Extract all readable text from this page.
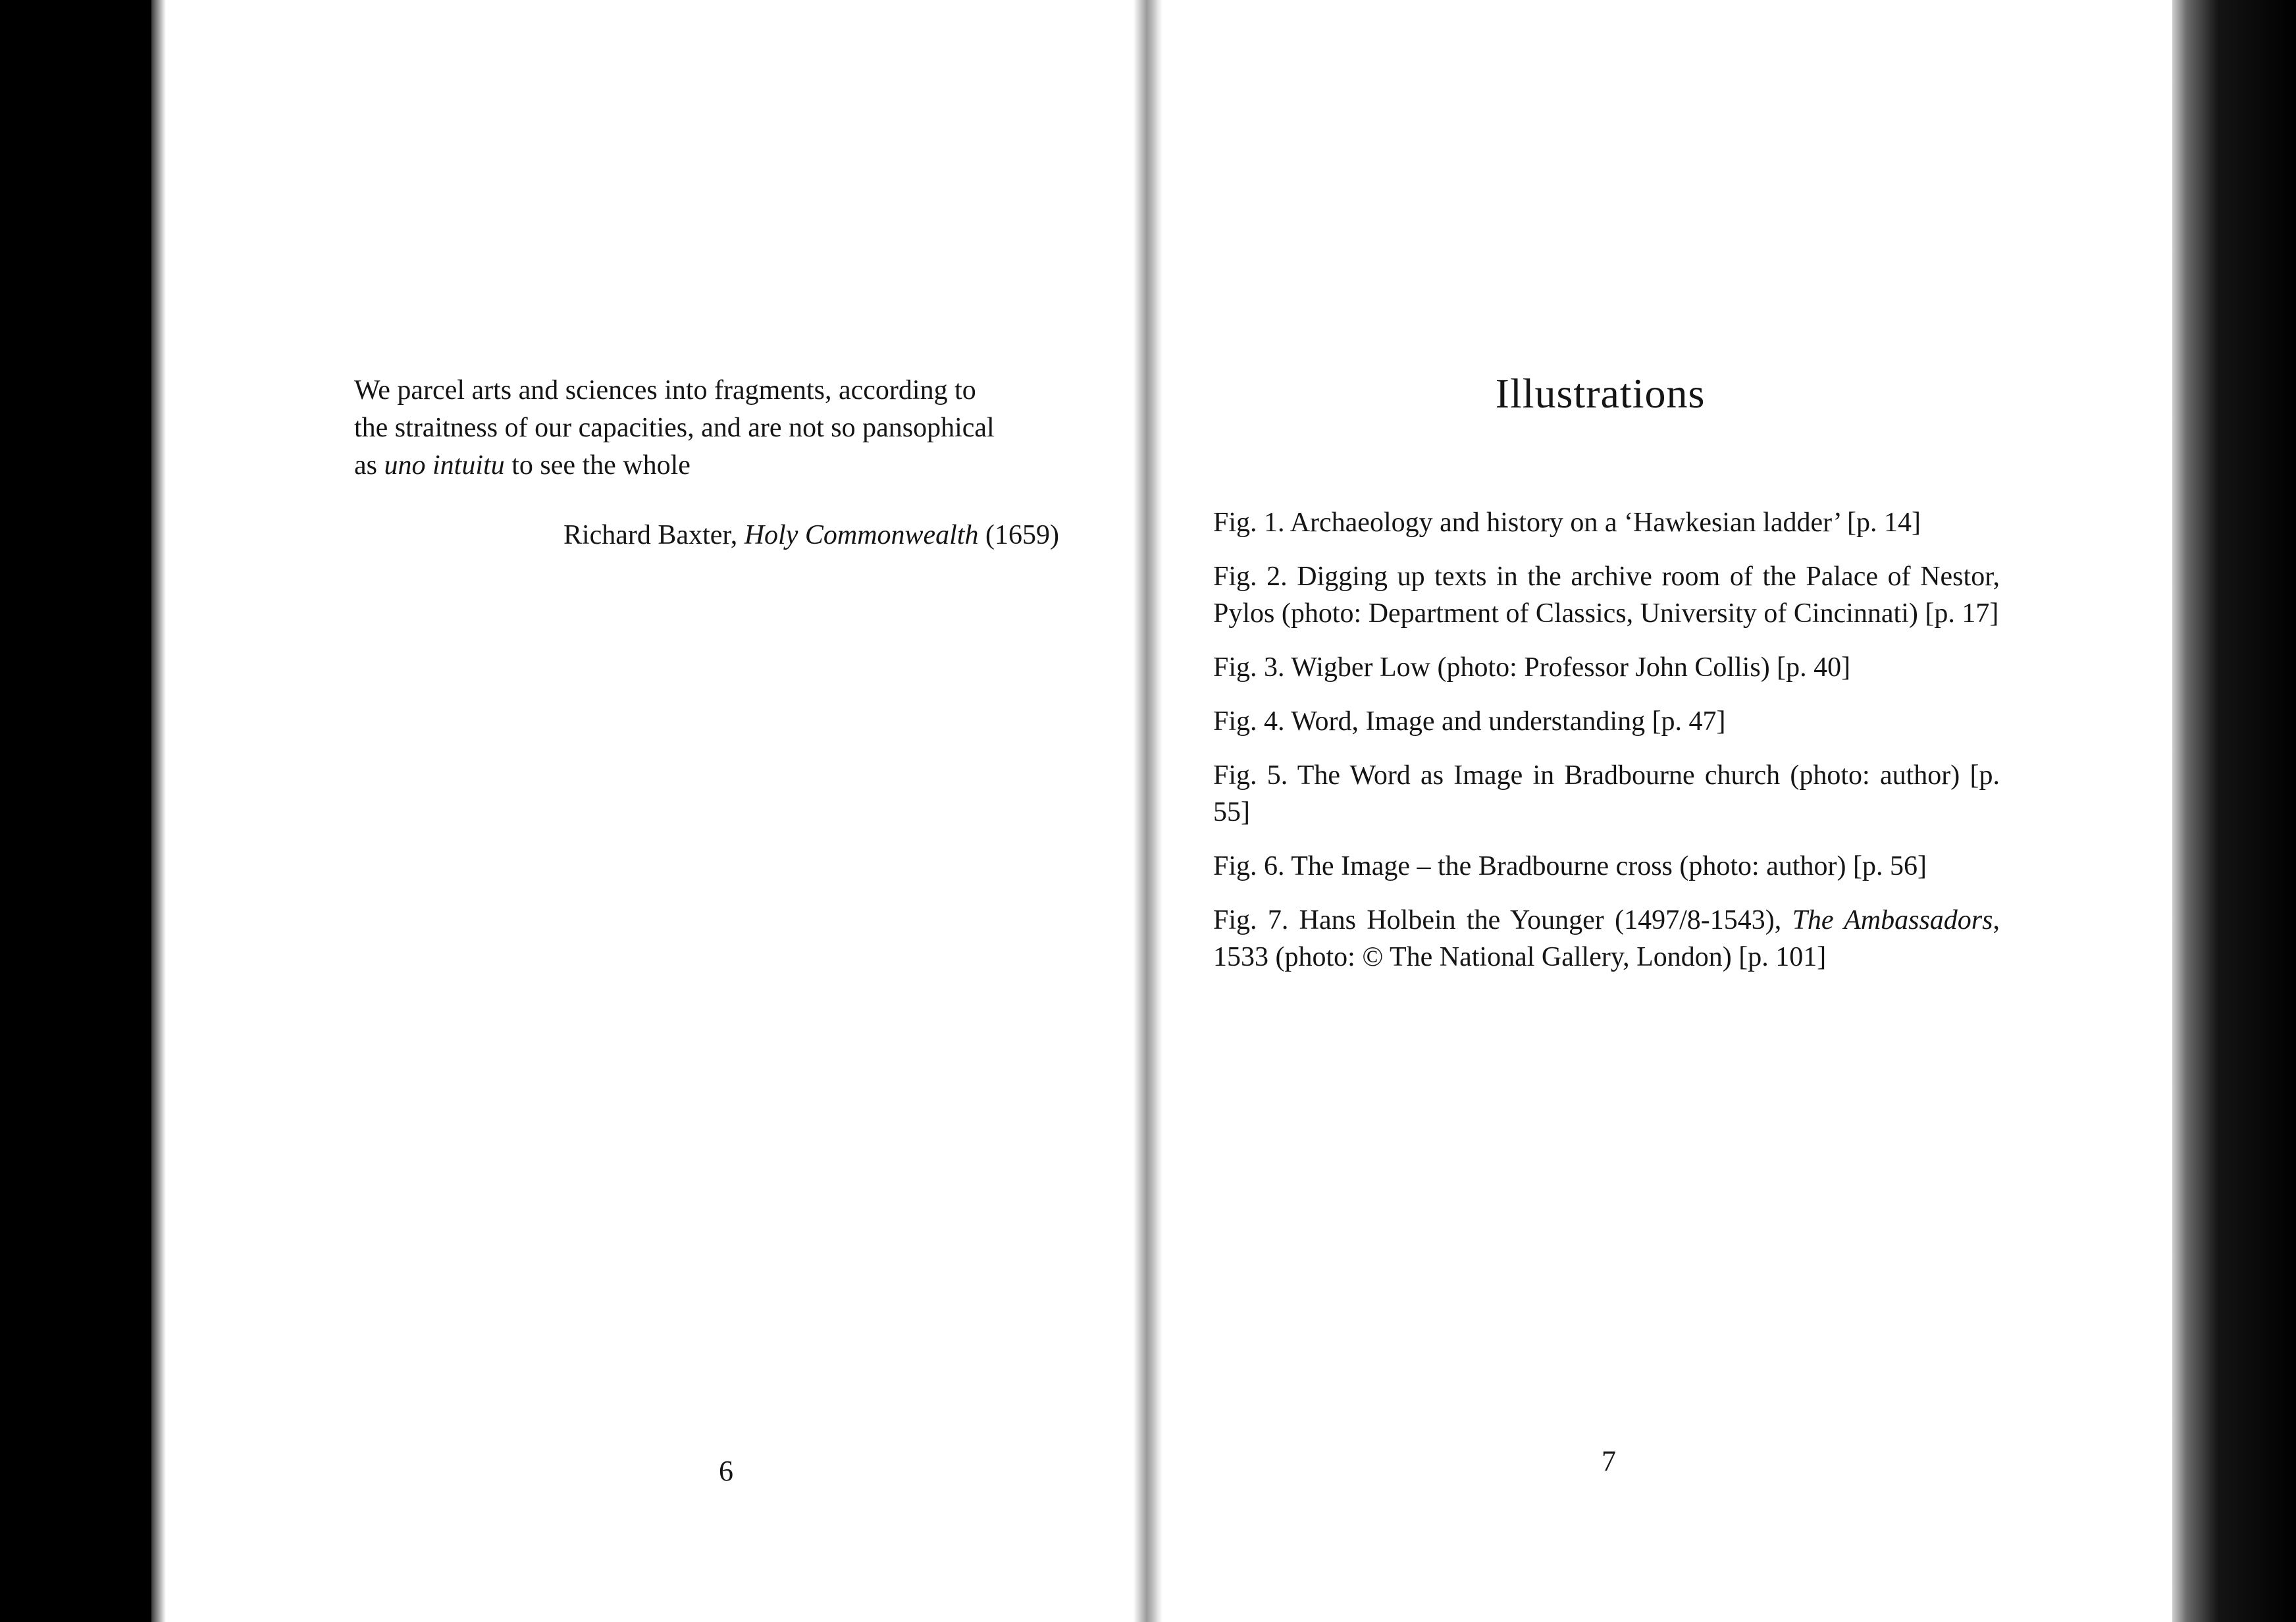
We parcel arts and sciences into fragments, according to
the straitness of our capacities, and are not so pansophical
as uno intuitu to see the whole

Richard Baxter, Holy Commonwealth (1659)

6

Illustrations
Fig. 1. Archaeology and history on a ‘Hawkesian ladder’ [p. 14]
Fig. 2. Digging up texts in the archive room of the Palace of Nestor, Pylos (photo: Department of Classics, University of Cincinnati) [p. 17]
Fig. 3. Wigber Low (photo: Professor John Collis) [p. 40]
Fig. 4. Word, Image and understanding [p. 47]
Fig. 5. The Word as Image in Bradbourne church (photo: author) [p. 55]
Fig. 6. The Image – the Bradbourne cross (photo: author) [p. 56]
Fig. 7. Hans Holbein the Younger (1497/8-1543), The Ambassadors, 1533 (photo: © The National Gallery, London) [p. 101]

7
